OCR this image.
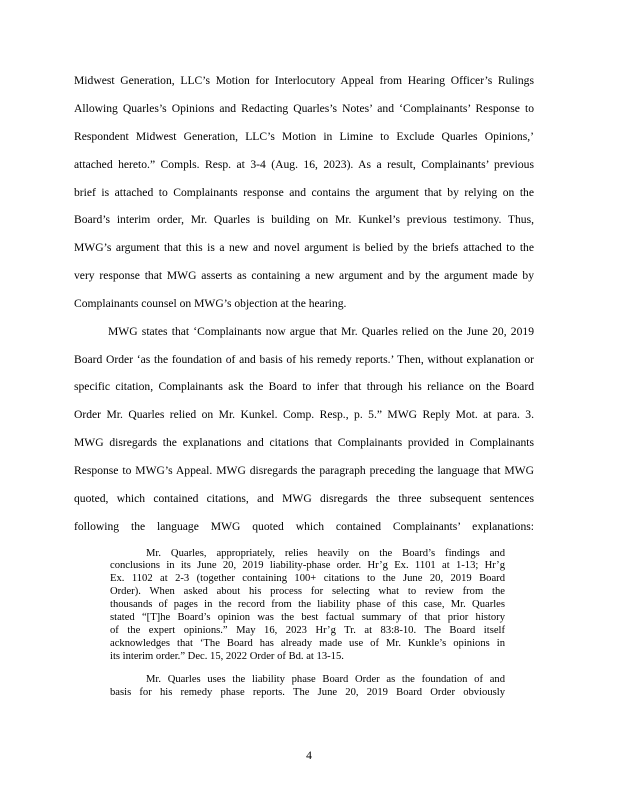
Midwest Generation, LLC’s Motion for Interlocutory Appeal from Hearing Officer’s Rulings
Allowing Quarles’s Opinions and Redacting Quarles’s Notes’ and ‘Complainants’ Response to
Respondent Midwest Generation, LLC’s Motion in Limine to Exclude Quarles Opinions,’
attached hereto.” Compls. Resp. at 3-4 (Aug. 16, 2023). As a result, Complainants’ previous
brief is attached to Complainants response and contains the argument that by relying on the
Board’s interim order, Mr. Quarles is building on Mr. Kunkel’s previous testimony. Thus,
MWG’s argument that this is a new and novel argument is belied by the briefs attached to the
very response that MWG asserts as containing a new argument and by the argument made by
Complainants counsel on MWG’s objection at the hearing.
MWG states that ‘Complainants now argue that Mr. Quarles relied on the June 20, 2019
Board Order ‘as the foundation of and basis of his remedy reports.’ Then, without explanation or
specific citation, Complainants ask the Board to infer that through his reliance on the Board
Order Mr. Quarles relied on Mr. Kunkel. Comp. Resp., p. 5.” MWG Reply Mot. at para. 3.
MWG disregards the explanations and citations that Complainants provided in Complainants
Response to MWG’s Appeal. MWG disregards the paragraph preceding the language that MWG
quoted, which contained citations, and MWG disregards the three subsequent sentences
following the language MWG quoted which contained Complainants’ explanations:
Mr. Quarles, appropriately, relies heavily on the Board’s findings and
conclusions in its June 20, 2019 liability-phase order. Hr’g Ex. 1101 at 1-13; Hr’g
Ex. 1102 at 2-3 (together containing 100+ citations to the June 20, 2019 Board
Order). When asked about his process for selecting what to review from the
thousands of pages in the record from the liability phase of this case, Mr. Quarles
stated “[T]he Board’s opinion was the best factual summary of that prior history
of the expert opinions.” May 16, 2023 Hr’g Tr. at 83:8-10. The Board itself
acknowledges that ‘The Board has already made use of Mr. Kunkle’s opinions in
its interim order.” Dec. 15, 2022 Order of Bd. at 13-15.
Mr. Quarles uses the liability phase Board Order as the foundation of and
basis for his remedy phase reports. The June 20, 2019 Board Order obviously
4
